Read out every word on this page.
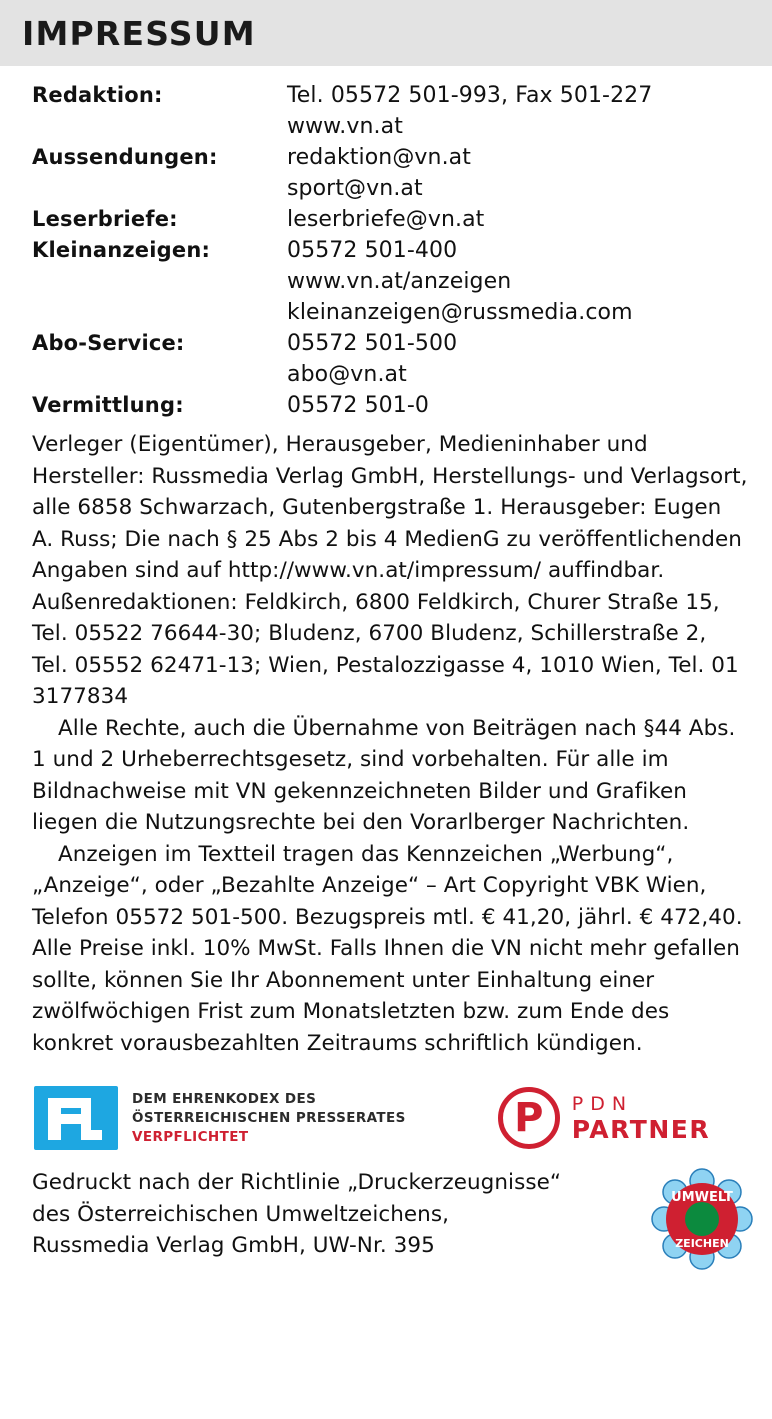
IMPRESSUM
Redaktion:	Tel. 05572 501-993, Fax 501-227
www.vn.at
Aussendungen:	redaktion@vn.at
sport@vn.at
Leserbriefe:	leserbriefe@vn.at
Kleinanzeigen:	05572 501-400
www.vn.at/anzeigen
kleinanzeigen@russmedia.com
Abo-Service:	05572 501-500
abo@vn.at
Vermittlung:	05572 501-0

Verleger (Eigentümer), Herausgeber, Medieninhaber und Hersteller: Russmedia Verlag GmbH, Herstellungs- und Verlagsort, alle 6858 Schwarzach, Gutenbergstraße 1. Herausgeber: Eugen A. Russ; Die nach § 25 Abs 2 bis 4 MedienG zu veröffentlichenden Angaben sind auf http://www.vn.at/impressum/ auffindbar. Außenredaktionen: Feldkirch, 6800 Feldkirch, Churer Straße 15, Tel. 05522 76644-30; Bludenz, 6700 Bludenz, Schillerstraße 2, Tel. 05552 62471-13; Wien, Pestalozzigasse 4, 1010 Wien, Tel. 01 3177834

Alle Rechte, auch die Übernahme von Beiträgen nach §44 Abs. 1 und 2 Urheberrechtsgesetz, sind vorbehalten. Für alle im Bildnachweise mit VN gekennzeichneten Bilder und Grafiken liegen die Nutzungsrechte bei den Vorarlberger Nachrichten.

Anzeigen im Textteil tragen das Kennzeichen „Werbung“, „Anzeige“, oder „Bezahlte Anzeige“ – Art Copyright VBK Wien, Telefon 05572 501-500. Bezugspreis mtl. € 41,20, jährl. € 472,40. Alle Preise inkl. 10% MwSt. Falls Ihnen die VN nicht mehr gefallen sollte, können Sie Ihr Abonnement unter Einhaltung einer zwölfwöchigen Frist zum Monatsletzten bzw. zum Ende des konkret vorausbezahlten Zeitraums schriftlich kündigen.

DEM EHRENKODEX DES
ÖSTERREICHISCHEN PRESSERATES
VERPFLICHTET	P	PDN
PARTNER

Gedruckt nach der Richtlinie „Druckerzeugnisse“

des Österreichischen Umweltzeichens,

Russmedia Verlag GmbH, UW-Nr. 395

UMWELT
ZEICHEN
